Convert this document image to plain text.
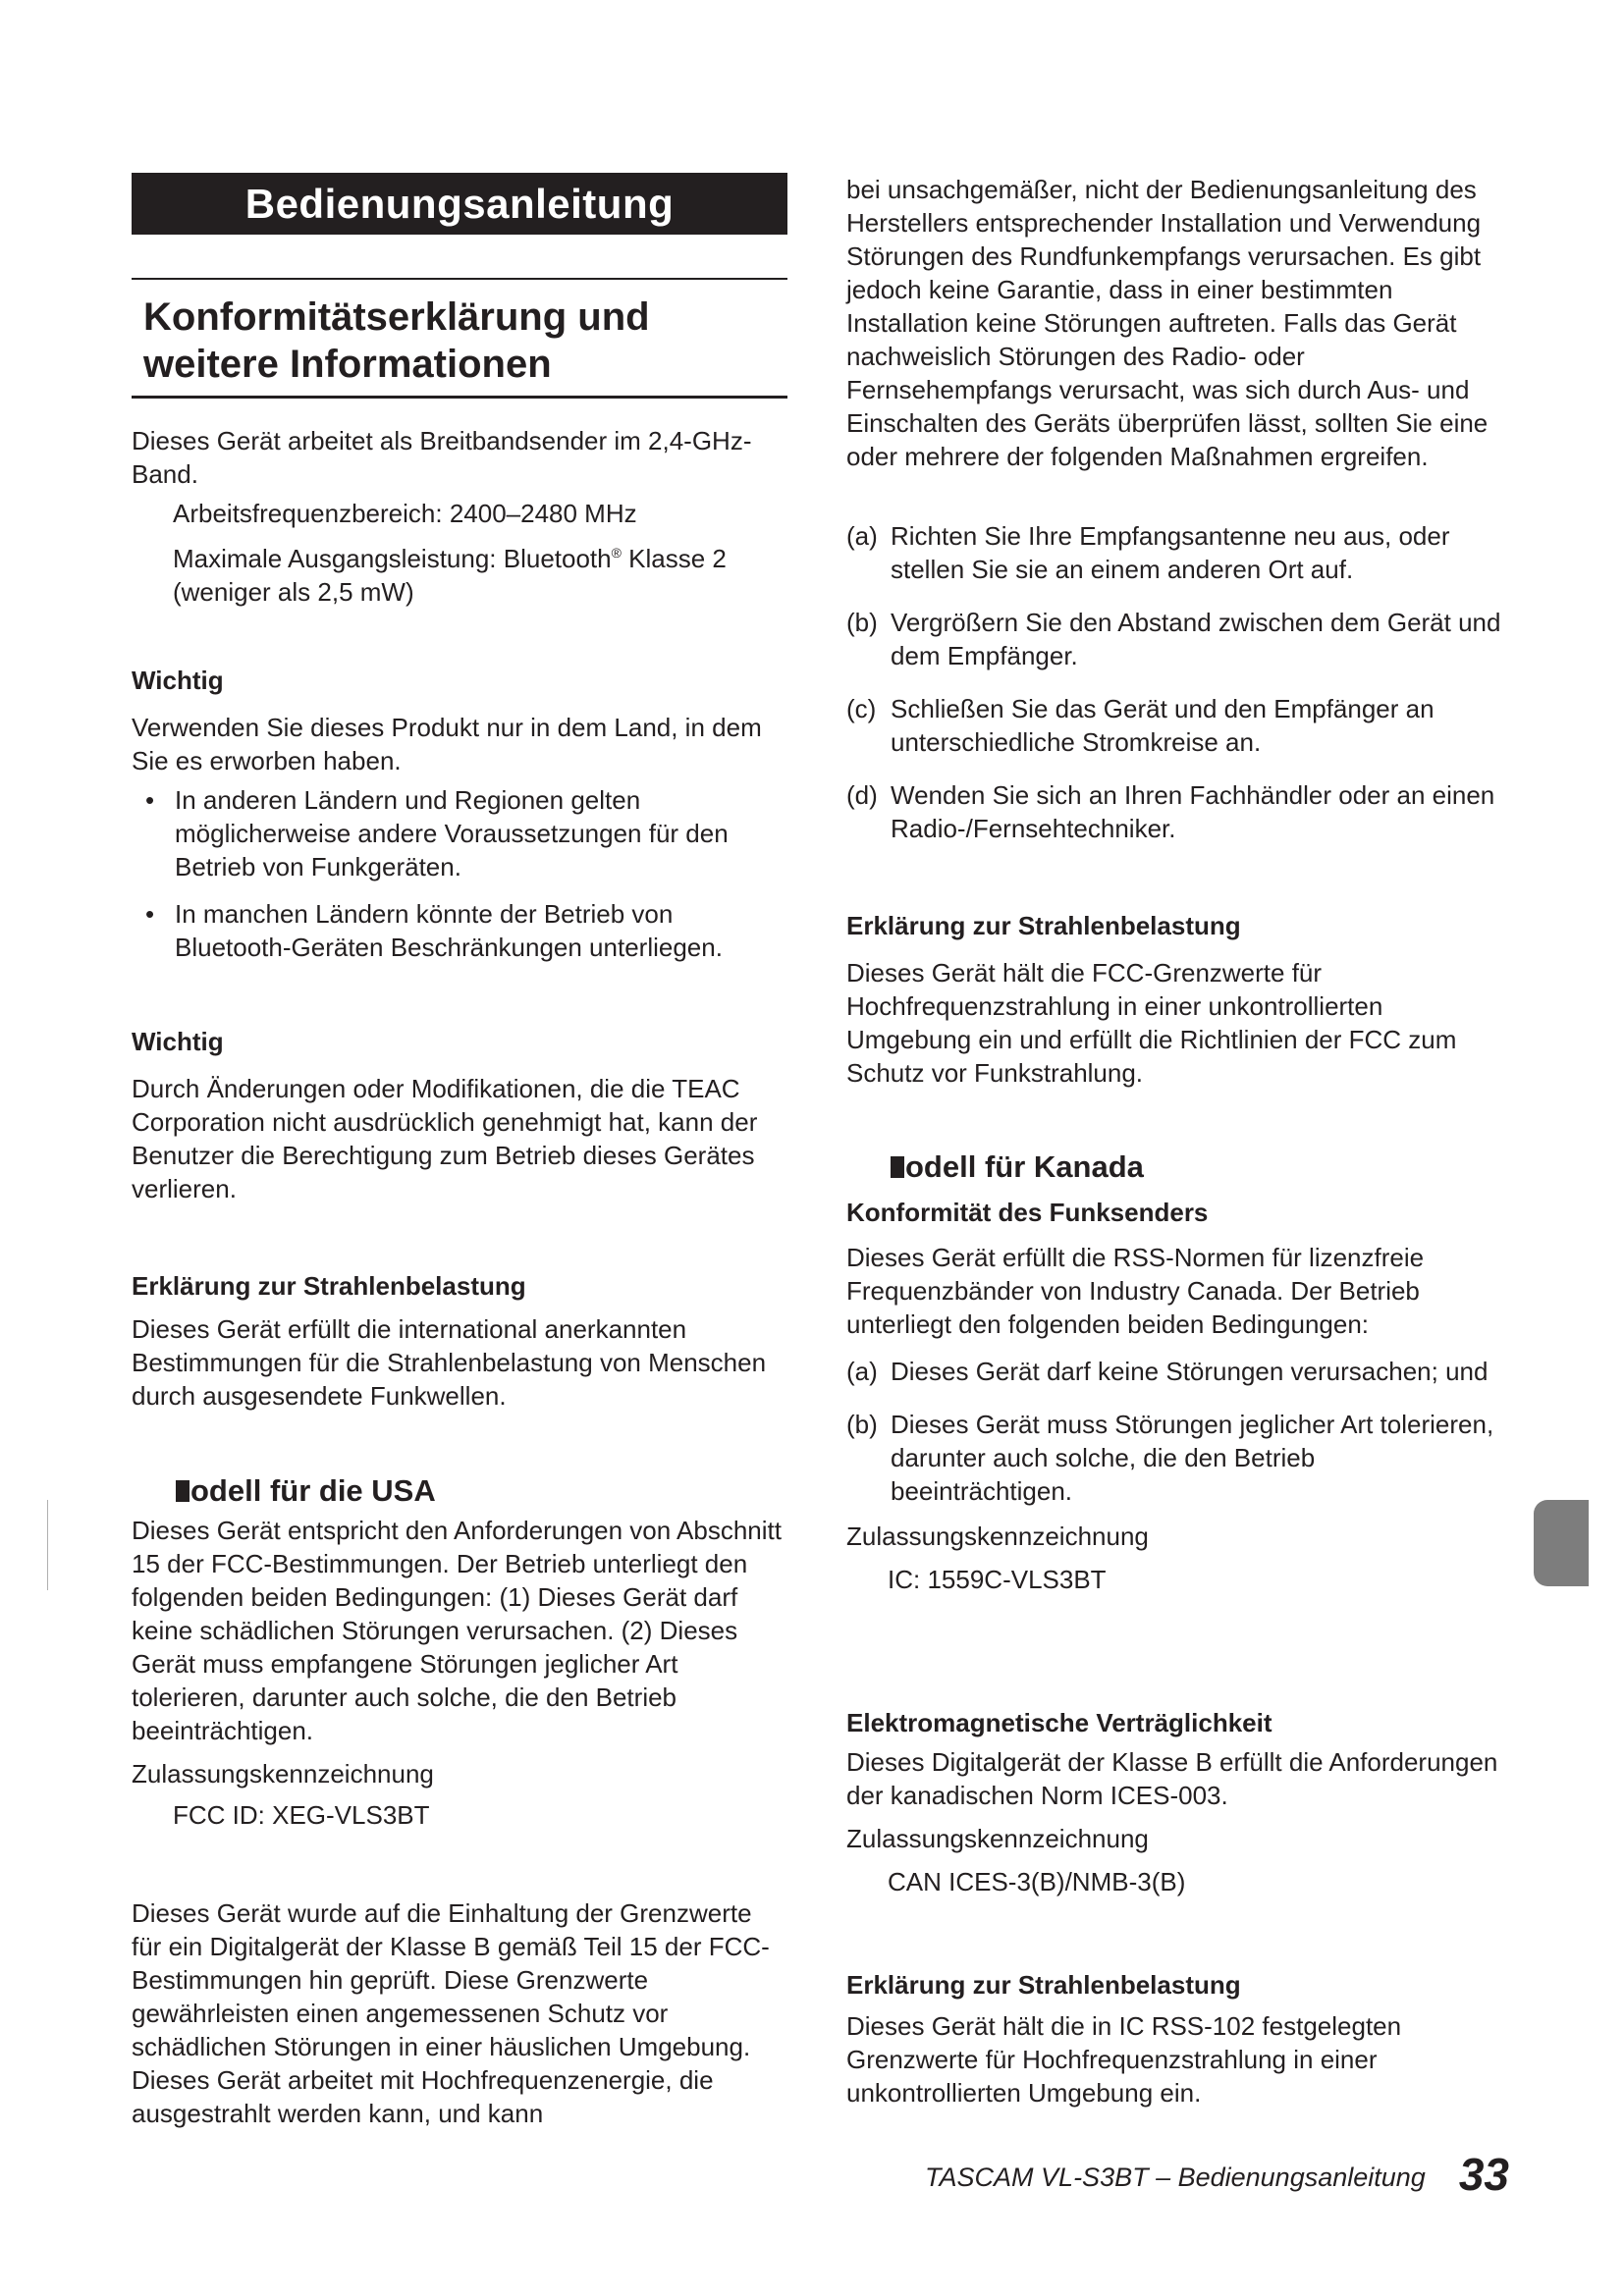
Bedienungsanleitung
Konformitätserklärung und
weitere Informationen

Dieses Gerät arbeitet als Breitbandsender im 2,4-GHz-Band.

Arbeitsfrequenzbereich: 2400–2480 MHz

Maximale Ausgangsleistung: Bluetooth® Klasse 2 (weniger als 2,5 mW)

Wichtig

Verwenden Sie dieses Produkt nur in dem Land, in dem Sie es erworben haben.

• In anderen Ländern und Regionen gelten möglicherweise andere Voraussetzungen für den Betrieb von Funkgeräten.
• In manchen Ländern könnte der Betrieb von Bluetooth-Geräten Beschränkungen unterliegen.

Wichtig

Durch Änderungen oder Modifikationen, die die TEAC Corporation nicht ausdrücklich genehmigt hat, kann der Benutzer die Berechtigung zum Betrieb dieses Gerätes verlieren.

Erklärung zur Strahlenbelastung

Dieses Gerät erfüllt die international anerkannten Bestimmungen für die Strahlenbelastung von Menschen durch ausgesendete Funkwellen.

odell für die USA

Dieses Gerät entspricht den Anforderungen von Abschnitt 15 der FCC-Bestimmungen. Der Betrieb unterliegt den folgenden beiden Bedingungen: (1) Dieses Gerät darf keine schädlichen Störungen verursachen. (2) Dieses Gerät muss empfangene Störungen jeglicher Art tolerieren, darunter auch solche, die den Betrieb beeinträchtigen.

Zulassungskennzeichnung

FCC ID: XEG-VLS3BT

Dieses Gerät wurde auf die Einhaltung der Grenzwerte für ein Digitalgerät der Klasse B gemäß Teil 15 der FCC-Bestimmungen hin geprüft. Diese Grenzwerte gewährleisten einen angemessenen Schutz vor schädlichen Störungen in einer häuslichen Umgebung. Dieses Gerät arbeitet mit Hochfrequenzenergie, die ausgestrahlt werden kann, und kann

bei unsachgemäßer, nicht der Bedienungsanleitung des Herstellers entsprechender Installation und Verwendung Störungen des Rundfunkempfangs verursachen. Es gibt jedoch keine Garantie, dass in einer bestimmten Installation keine Störungen auftreten. Falls das Gerät nachweislich Störungen des Radio- oder Fernsehempfangs verursacht, was sich durch Aus- und Einschalten des Geräts überprüfen lässt, sollten Sie eine oder mehrere der folgenden Maßnahmen ergreifen.

(a) Richten Sie Ihre Empfangsantenne neu aus, oder stellen Sie sie an einem anderen Ort auf.
(b) Vergrößern Sie den Abstand zwischen dem Gerät und dem Empfänger.
(c) Schließen Sie das Gerät und den Empfänger an unterschiedliche Stromkreise an.
(d) Wenden Sie sich an Ihren Fachhändler oder an einen Radio-/Fernsehtechniker.

Erklärung zur Strahlenbelastung

Dieses Gerät hält die FCC-Grenzwerte für Hochfrequenzstrahlung in einer unkontrollierten Umgebung ein und erfüllt die Richtlinien der FCC zum Schutz vor Funkstrahlung.

odell für Kanada

Konformität des Funksenders

Dieses Gerät erfüllt die RSS-Normen für lizenzfreie Frequenzbänder von Industry Canada. Der Betrieb unterliegt den folgenden beiden Bedingungen:

(a) Dieses Gerät darf keine Störungen verursachen; und
(b) Dieses Gerät muss Störungen jeglicher Art tolerieren, darunter auch solche, die den Betrieb beeinträchtigen.

Zulassungskennzeichnung

IC: 1559C-VLS3BT

Elektromagnetische Verträglichkeit

Dieses Digitalgerät der Klasse B erfüllt die Anforderungen der kanadischen Norm ICES-003.

Zulassungskennzeichnung

CAN ICES-3(B)/NMB-3(B)

Erklärung zur Strahlenbelastung

Dieses Gerät hält die in IC RSS-102 festgelegten Grenzwerte für Hochfrequenzstrahlung in einer unkontrollierten Umgebung ein.

TASCAM VL-S3BT – Bedienungsanleitung 33
